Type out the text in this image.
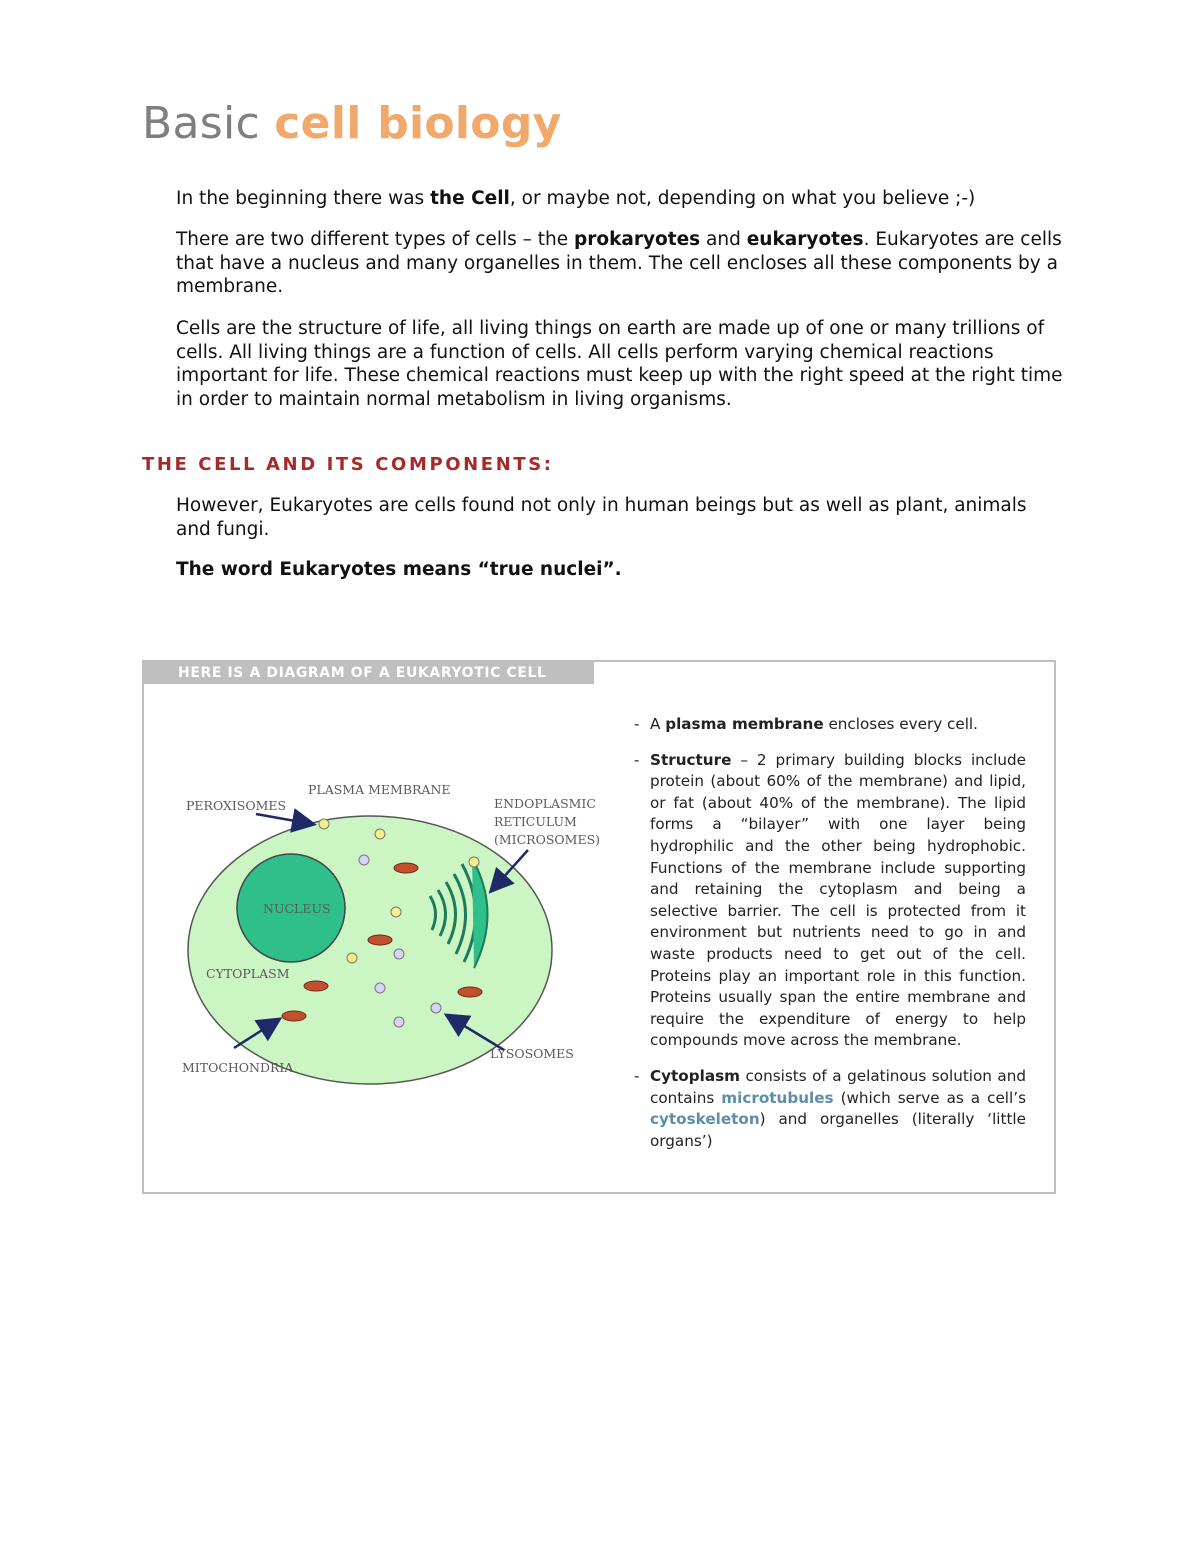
Basic cell biology

In the beginning there was the Cell, or maybe not, depending on what you believe ;-)

There are two different types of cells – the prokaryotes and eukaryotes. Eukaryotes are cells that have a nucleus and many organelles in them. The cell encloses all these components by a membrane.

Cells are the structure of life, all living things on earth are made up of one or many trillions of cells. All living things are a function of cells. All cells perform varying chemical reactions important for life. These chemical reactions must keep up with the right speed at the right time in order to maintain normal metabolism in living organisms.

THE CELL AND ITS COMPONENTS:

However, Eukaryotes are cells found not only in human beings but as well as plant, animals and fungi.

The word Eukaryotes means “true nuclei”.

HERE IS A DIAGRAM OF A EUKARYOTIC CELL
NUCLEUS
PEROXISOMES
PLASMA MEMBRANE
ENDOPLASMIC
RETICULUM
(MICROSOMES)
CYTOPLASM
MITOCHONDRIA
LYSOSOMES

- A plasma membrane encloses every cell.

- Structure – 2 primary building blocks include protein (about 60% of the membrane) and lipid, or fat (about 40% of the membrane). The lipid forms a “bilayer” with one layer being hydrophilic and the other being hydrophobic. Functions of the membrane include supporting and retaining the cytoplasm and being a selective barrier. The cell is protected from it environment but nutrients need to go in and waste products need to get out of the cell. Proteins play an important role in this function. Proteins usually span the entire membrane and require the expenditure of energy to help compounds move across the membrane.

- Cytoplasm consists of a gelatinous solution and contains microtubules (which serve as a cell’s cytoskeleton) and organelles (literally ‘little organs’)
